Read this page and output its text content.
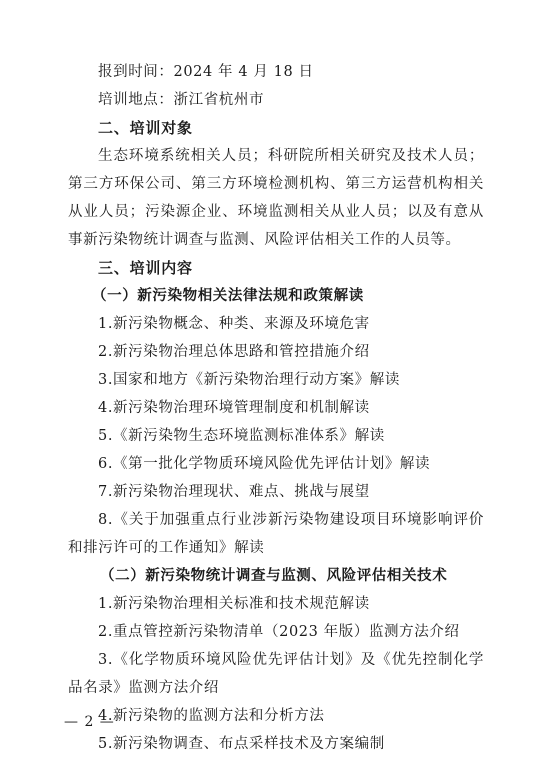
报到时间：2024 年 4 月 18 日
培训地点：浙江省杭州市
二、培训对象
生态环境系统相关人员；科研院所相关研究及技术人员；
第三方环保公司、第三方环境检测机构、第三方运营机构相关
从业人员；污染源企业、环境监测相关从业人员；以及有意从
事新污染物统计调查与监测、风险评估相关工作的人员等。
三、培训内容
（一）新污染物相关法律法规和政策解读
1.新污染物概念、种类、来源及环境危害
2.新污染物治理总体思路和管控措施介绍
3.国家和地方《新污染物治理行动方案》解读
4.新污染物治理环境管理制度和机制解读
5.《新污染物生态环境监测标准体系》解读
6.《第一批化学物质环境风险优先评估计划》解读
7.新污染物治理现状、难点、挑战与展望
8.《关于加强重点行业涉新污染物建设项目环境影响评价
和排污许可的工作通知》解读
（二）新污染物统计调查与监测、风险评估相关技术
1.新污染物治理相关标准和技术规范解读
2.重点管控新污染物清单（2023 年版）监测方法介绍
3.《化学物质环境风险优先评估计划》及《优先控制化学
品名录》监测方法介绍
4.新污染物的监测方法和分析方法
5.新污染物调查、布点采样技术及方案编制
— 2 —
